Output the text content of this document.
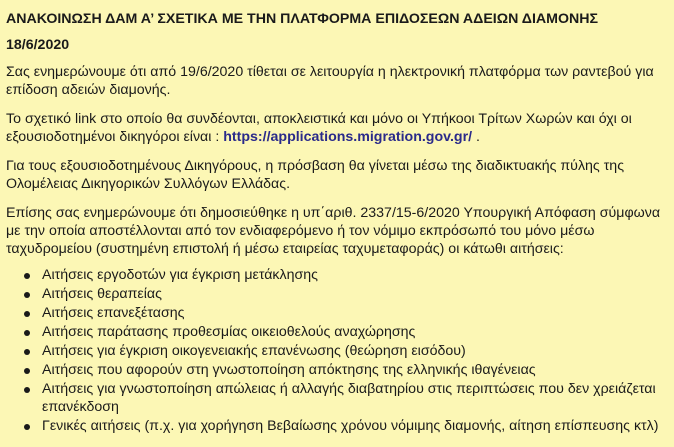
ΑΝΑΚΟΙΝΩΣΗ ΔΑΜ Α’ ΣΧΕΤΙΚΑ ΜΕ ΤΗΝ ΠΛΑΤΦΟΡΜΑ ΕΠΙΔΟΣΕΩΝ ΑΔΕΙΩΝ ΔΙΑΜΟΝΗΣ
18/6/2020

Σας ενημερώνουμε ότι από 19/6/2020 τίθεται σε λειτουργία η ηλεκτρονική πλατφόρμα των ραντεβού για επίδοση αδειών διαμονής.

Το σχετικό link στο οποίο θα συνδέονται, αποκλειστικά και μόνο οι Υπήκοοι Τρίτων Χωρών και όχι οι εξουσιοδοτημένοι δικηγόροι είναι : https://applications.migration.gov.gr/ .

Για τους εξουσιοδοτημένους Δικηγόρους, η πρόσβαση θα γίνεται μέσω της διαδικτυακής πύλης της Ολομέλειας Δικηγορικών Συλλόγων Ελλάδας.

Επίσης σας ενημερώνουμε ότι δημοσιεύθηκε η υπ΄αριθ. 2337/15-6/2020 Υπουργική Απόφαση σύμφωνα με την οποία αποστέλλονται από τον ενδιαφερόμενο ή τον νόμιμο εκπρόσωπό του μόνο μέσω ταχυδρομείου (συστημένη επιστολή ή μέσω εταιρείας ταχυμεταφοράς) οι κάτωθι αιτήσεις:

Αιτήσεις εργοδοτών για έγκριση μετάκλησης
Αιτήσεις θεραπείας
Αιτήσεις επανεξέτασης
Αιτήσεις παράτασης προθεσμίας οικειοθελούς αναχώρησης
Αιτήσεις για έγκριση οικογενειακής επανένωσης (θεώρηση εισόδου)
Αιτήσεις που αφορούν στη γνωστοποίηση απόκτησης της ελληνικής ιθαγένειας
Αιτήσεις για γνωστοποίηση απώλειας ή αλλαγής διαβατηρίου στις περιπτώσεις που δεν χρειάζεται επανέκδοση
Γενικές αιτήσεις (π.χ. για χορήγηση Βεβαίωσης χρόνου νόμιμης διαμονής, αίτηση επίσπευσης κτλ)
